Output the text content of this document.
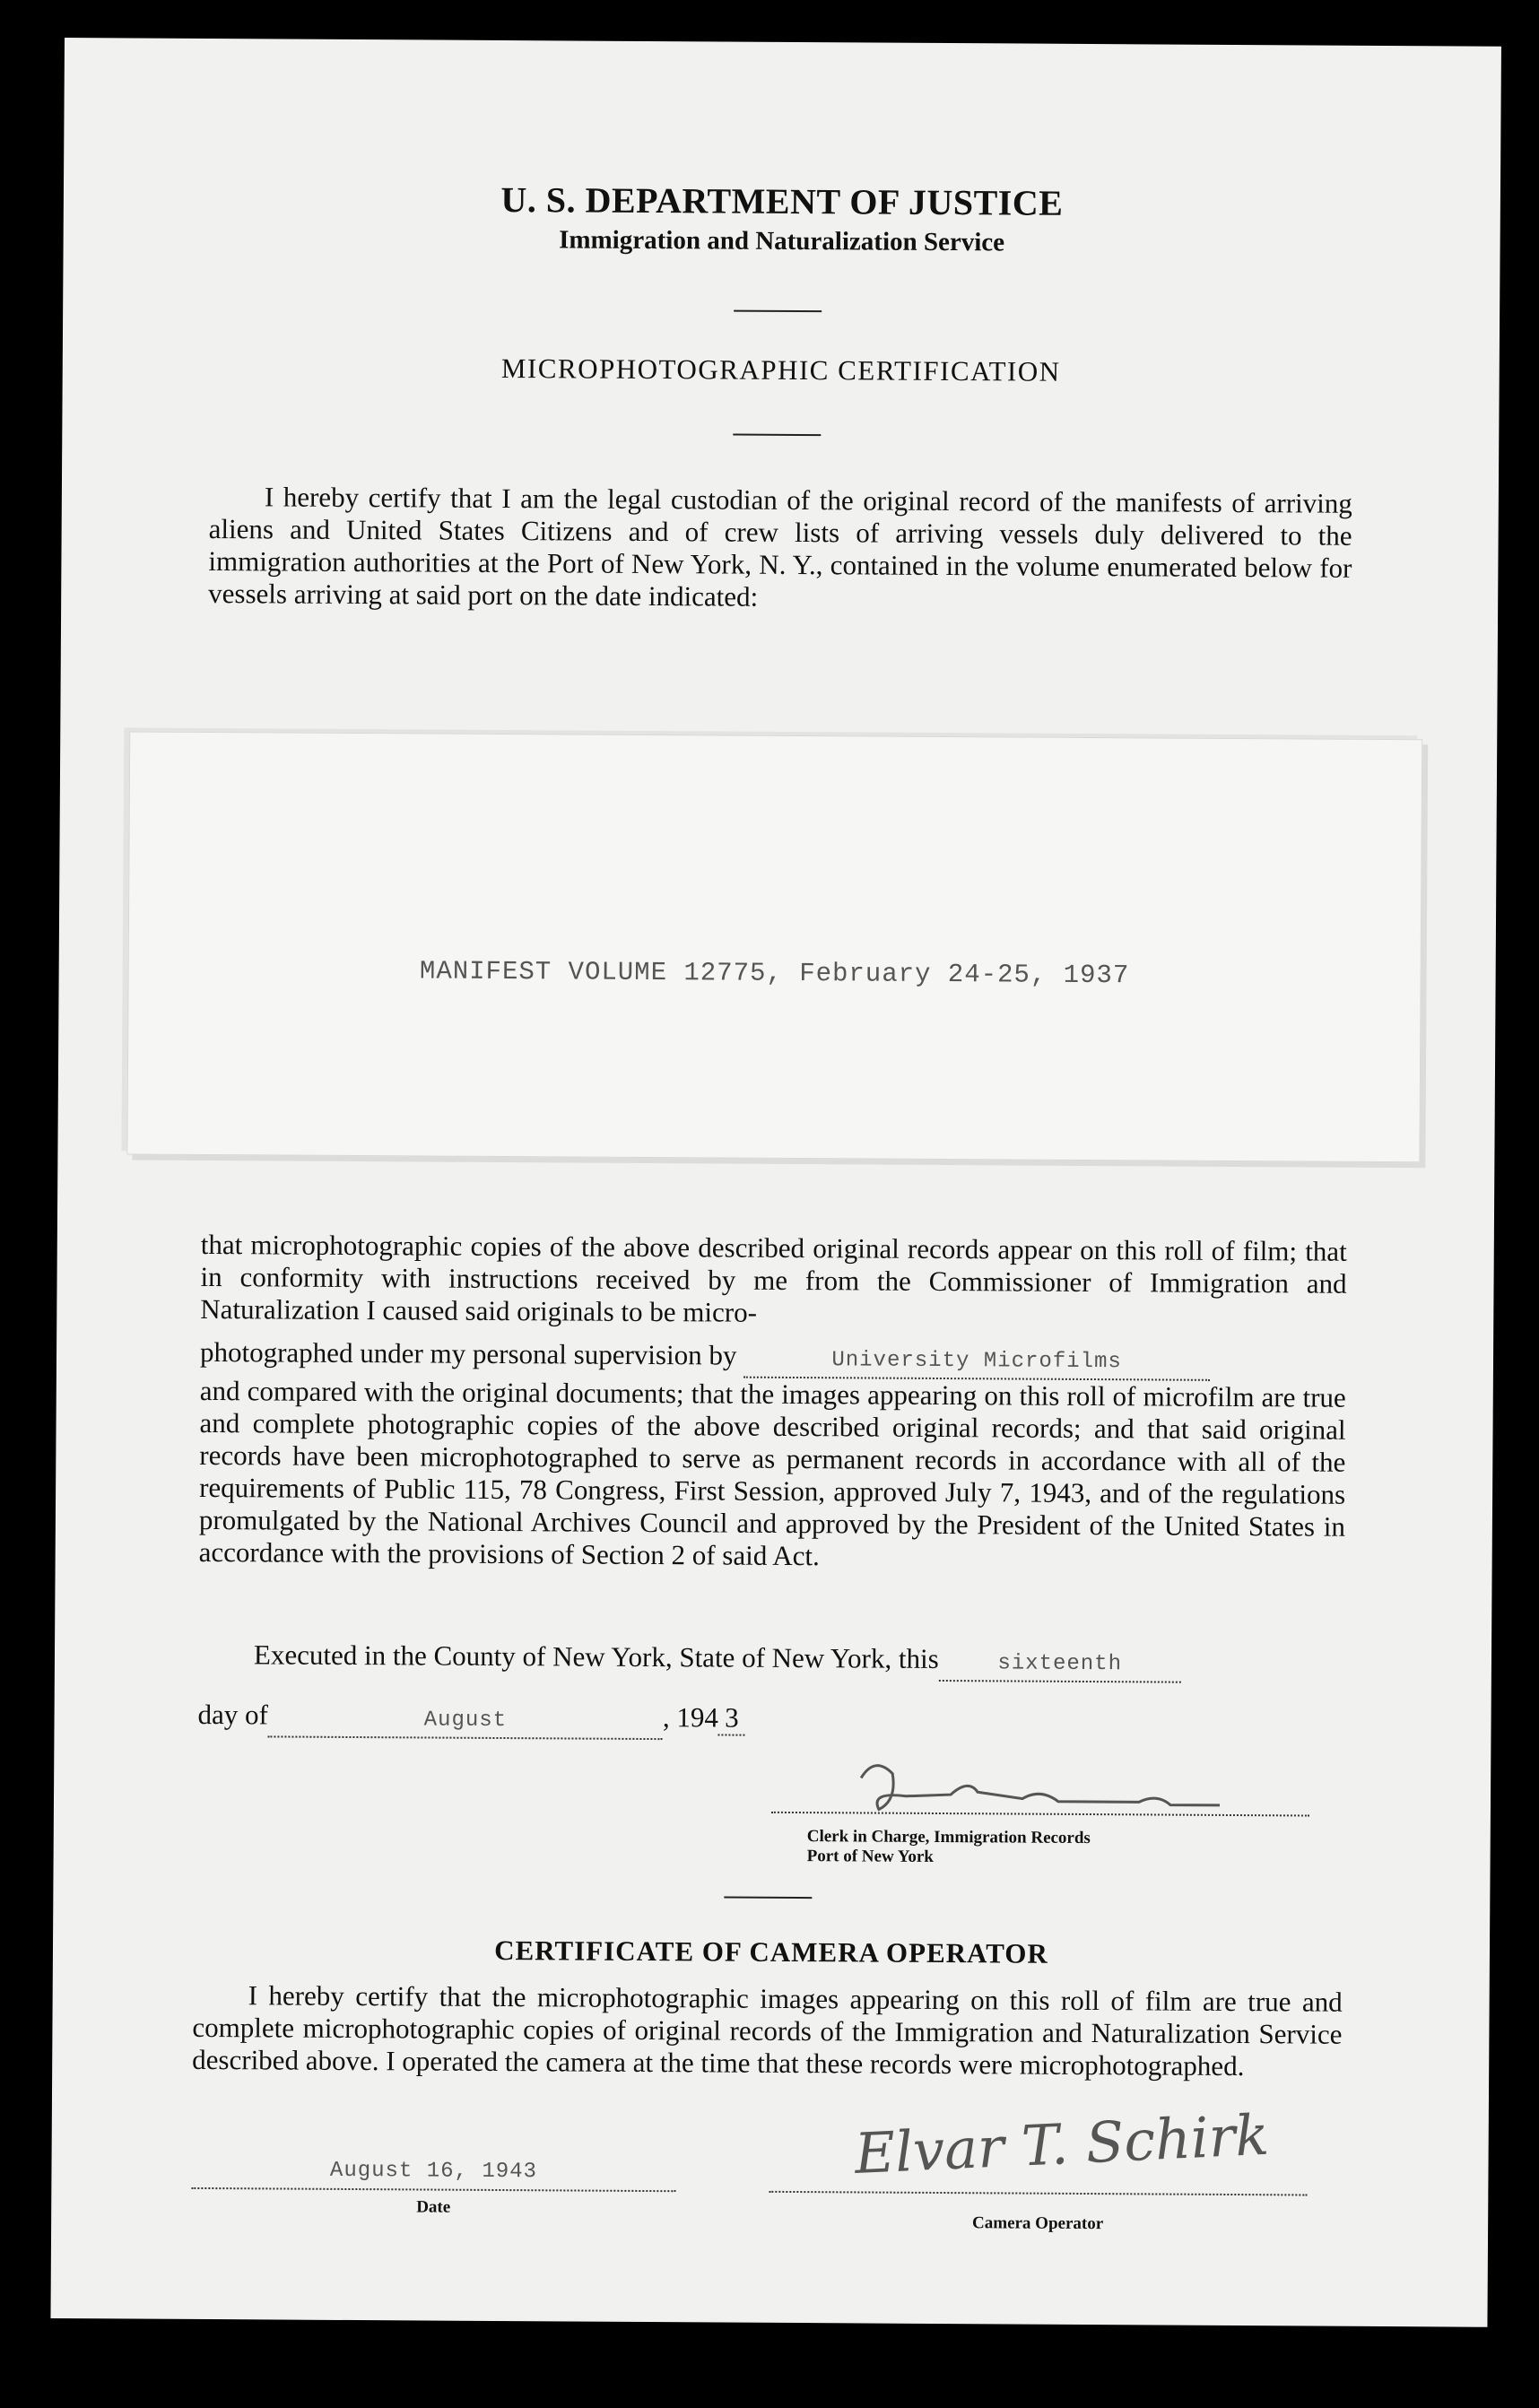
U. S. DEPARTMENT OF JUSTICE
Immigration and Naturalization Service
MICROPHOTOGRAPHIC CERTIFICATION

I hereby certify that I am the legal custodian of the original record of the manifests of arriving aliens and United States Citizens and of crew lists of arriving vessels duly delivered to the immigration authorities at the Port of New York, N. Y., contained in the volume enumerated below for vessels arriving at said port on the date indicated:

MANIFEST VOLUME 12775, February 24-25, 1937

that microphotographic copies of the above described original records appear on this roll of film; that in conformity with instructions received by me from the Commissioner of Immigration and Naturalization I caused said originals to be micro-

photographed under my personal supervision by	University Microfilms

and compared with the original documents; that the images appearing on this roll of microfilm are true and complete photographic copies of the above described original records; and that said original records have been microphotographed to serve as permanent records in accordance with all of the requirements of Public 115, 78 Congress, First Session, approved July 7, 1943, and of the regulations promulgated by the National Archives Council and approved by the President of the United States in accordance with the provisions of Section 2 of said Act.

Executed in the County of New York, State of New York, this	sixteenth
day of	August	, 194 3
Clerk in Charge, Immigration Records
Port of New York
CERTIFICATE OF CAMERA OPERATOR

I hereby certify that the microphotographic images appearing on this roll of film are true and complete microphotographic copies of original records of the Immigration and Naturalization Service described above. I operated the camera at the time that these records were microphotographed.

August 16, 1943
Date
Elvar T. Schirk
Camera Operator
